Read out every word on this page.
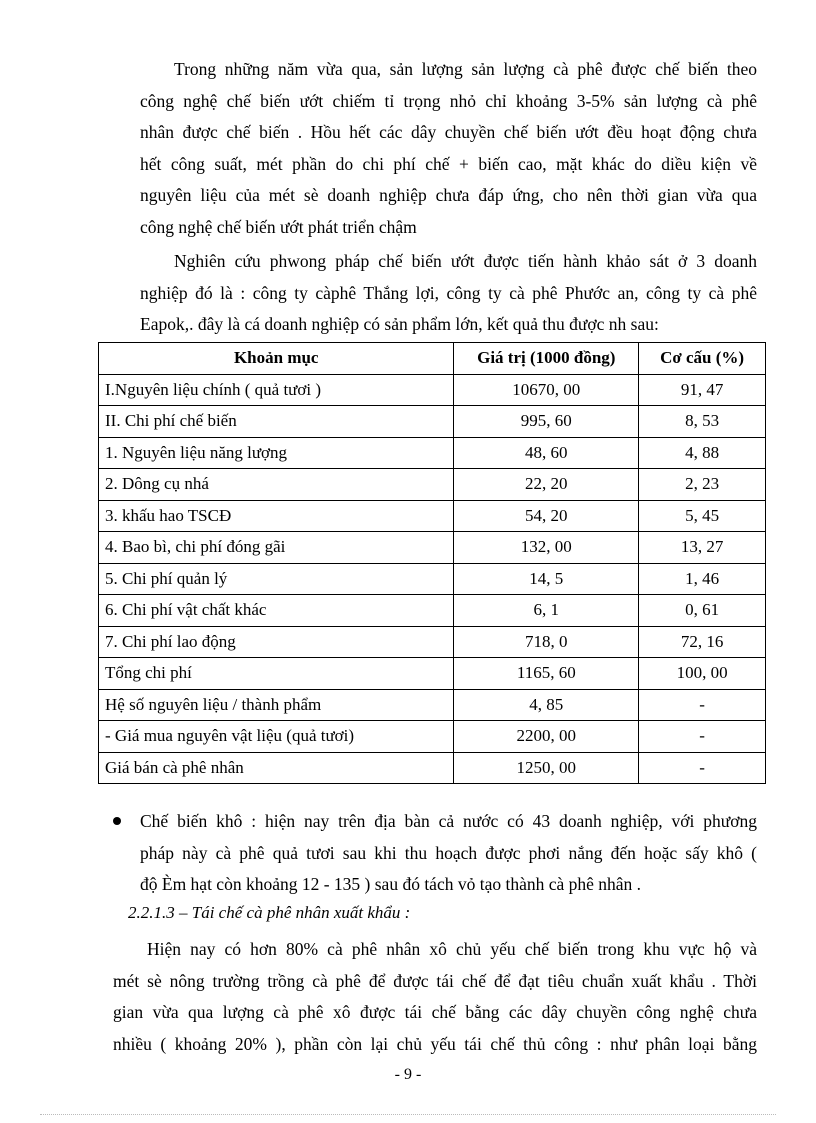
Trong những năm vừa qua, sản lượng sản lượng cà phê được chế biến theo
công nghệ chế biến ướt chiếm tỉ trọng nhỏ chỉ khoảng 3-5% sản lượng cà phê
nhân được chế biến . Hồu hết các dây chuyền chế biến ướt đều hoạt động chưa
hết công suất, mét phần do chi phí chế + biến cao, mặt khác do diều kiện về
nguyên liệu của mét sè doanh nghiệp chưa đáp ứng, cho nên thời gian vừa qua
công nghệ chế biến ướt phát triển chậm
Nghiên cứu phwong pháp chế biến ướt được tiến hành khảo sát ở 3 doanh
nghiệp đó là : công ty càphê Thắng lợi, công ty cà phê Phước an, công ty cà phê
Eapok,. đây là cá doanh nghiệp có sản phẩm lớn, kết quả thu được nh sau:
Khoản mục	Giá trị (1000 đồng)	Cơ cấu (%)
I.Nguyên liệu chính ( quả tươi )	10670, 00	91, 47
II. Chi phí chế biến	995, 60	8, 53
1. Nguyên liệu năng lượng	48, 60	4, 88
2. Dông cụ nhá	22, 20	2, 23
3. khấu hao TSCĐ	54, 20	5, 45
4. Bao bì, chi phí đóng gãi	132, 00	13, 27
5. Chi phí quản lý	14, 5	1, 46
6. Chi phí vật chất khác	6, 1	0, 61
7. Chi phí lao động	718, 0	72, 16
Tổng chi phí	1165, 60	100, 00
Hệ số nguyên liệu / thành phẩm	4, 85	-
- Giá mua nguyên vật liệu (quả tươi)	2200, 00	-
Giá bán cà phê nhân	1250, 00	-
Chế biến khô : hiện nay trên địa bàn cả nước có 43 doanh nghiệp, với phương
pháp này cà phê quả tươi sau khi thu hoạch được phơi nắng đến hoặc sấy khô (
độ Èm hạt còn khoảng 12 - 135 ) sau đó tách vỏ tạo thành cà phê nhân .
2.2.1.3 – Tái chế cà phê nhân xuất khẩu :
Hiện nay có hơn 80% cà phê nhân xô chủ yếu chế biến trong khu vực hộ và
mét sè nông trường trồng cà phê để được tái chế để đạt tiêu chuẩn xuất khẩu . Thời
gian vừa qua lượng cà phê xô được tái chế bằng các dây chuyền công nghệ chưa
nhiều ( khoảng 20% ), phần còn lại chủ yếu tái chế thủ công : như phân loại bằng
- 9 -
